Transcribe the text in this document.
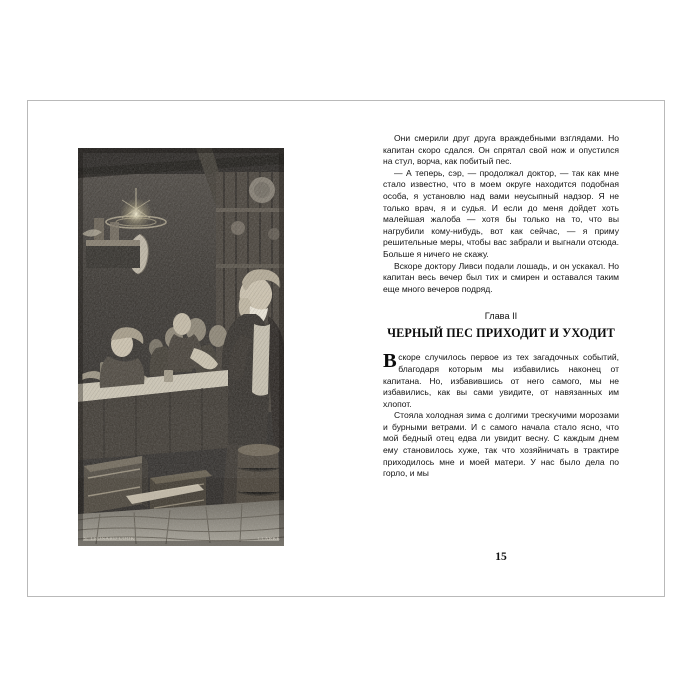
S. LEONARD COOK	CLARKE

Они смерили друг друга враждебными взглядами. Но капитан скоро сдался. Он спрятал свой нож и опустился на стул, ворча, как побитый пес.

— А теперь, сэр, — продолжал доктор, — так как мне стало известно, что в моем округе находится подобная особа, я установлю над вами неусыпный надзор. Я не только врач, я и судья. И если до меня дойдет хоть малейшая жалоба — хотя бы только на то, что вы нагрубили кому-нибудь, вот как сейчас, — я приму решительные меры, чтобы вас забрали и выгнали отсюда. Больше я ничего не скажу.

Вскоре доктору Ливси подали лошадь, и он ускакал. Но капитан весь вечер был тих и смирен и оставался таким еще много вечеров подряд.

Глава II
ЧЕРНЫЙ ПЕС ПРИХОДИТ И УХОДИТ

Вскоре случилось первое из тех загадочных событий, благодаря которым мы избавились наконец от капитана. Но, избавившись от него самого, мы не избавились, как вы сами увидите, от навязанных им хлопот.

Стояла холодная зима с долгими трескучими морозами и бурными ветрами. И с самого начала стало ясно, что мой бедный отец едва ли увидит весну. С каждым днем ему становилось хуже, так что хозяйничать в трактире приходилось мне и моей матери. У нас было дела по горло, и мы

15
